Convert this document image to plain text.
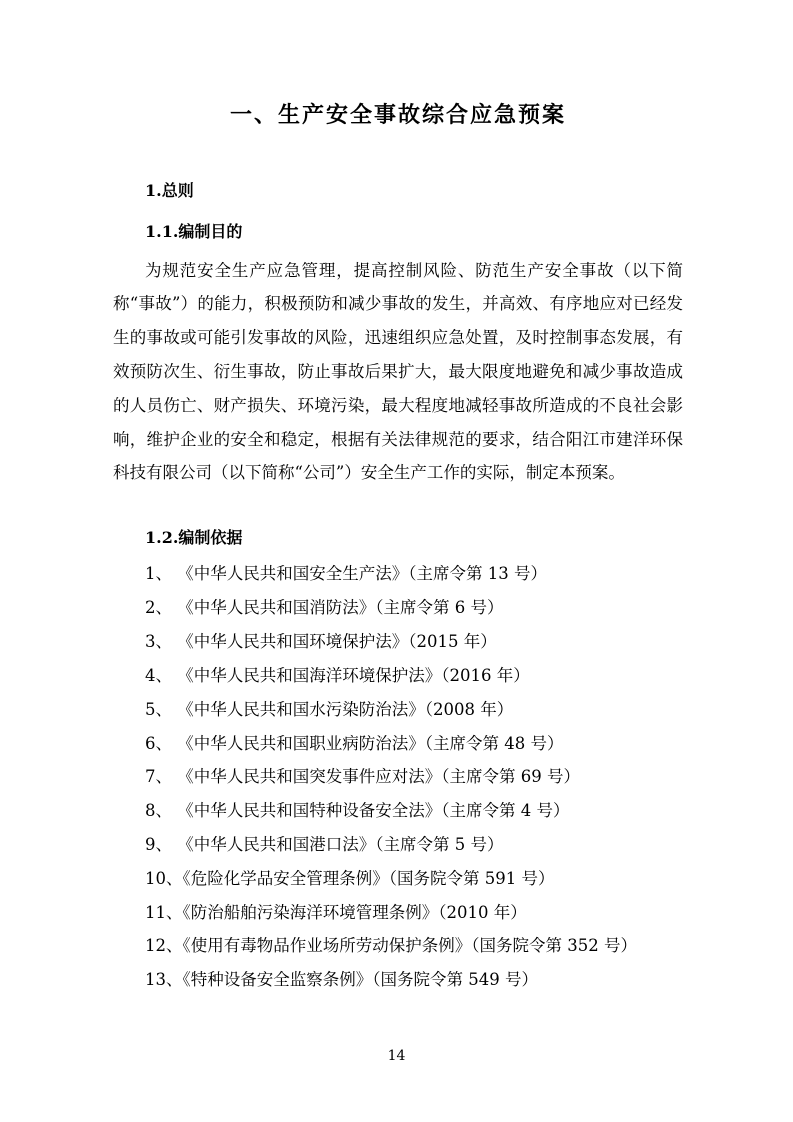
一、生产安全事故综合应急预案
1.总则
1.1.编制目的

为规范安全生产应急管理，提高控制风险、防范生产安全事故（以下简称“事故”）的能力，积极预防和减少事故的发生，并高效、有序地应对已经发生的事故或可能引发事故的风险，迅速组织应急处置，及时控制事态发展，有效预防次生、衍生事故，防止事故后果扩大，最大限度地避免和减少事故造成的人员伤亡、财产损失、环境污染，最大程度地减轻事故所造成的不良社会影响，维护企业的安全和稳定，根据有关法律规范的要求，结合阳江市建洋环保科技有限公司（以下简称“公司”）安全生产工作的实际，制定本预案。

1.2.编制依据
1、 《中华人民共和国安全生产法》（主席令第 13 号）
2、 《中华人民共和国消防法》（主席令第 6 号）
3、 《中华人民共和国环境保护法》（2015 年）
4、 《中华人民共和国海洋环境保护法》（2016 年）
5、 《中华人民共和国水污染防治法》（2008 年）
6、 《中华人民共和国职业病防治法》（主席令第 48 号）
7、 《中华人民共和国突发事件应对法》（主席令第 69 号）
8、 《中华人民共和国特种设备安全法》（主席令第 4 号）
9、 《中华人民共和国港口法》（主席令第 5 号）
10、《危险化学品安全管理条例》（国务院令第 591 号）
11、《防治船舶污染海洋环境管理条例》（2010 年）
12、《使用有毒物品作业场所劳动保护条例》（国务院令第 352 号）
13、《特种设备安全监察条例》（国务院令第 549 号）
14
